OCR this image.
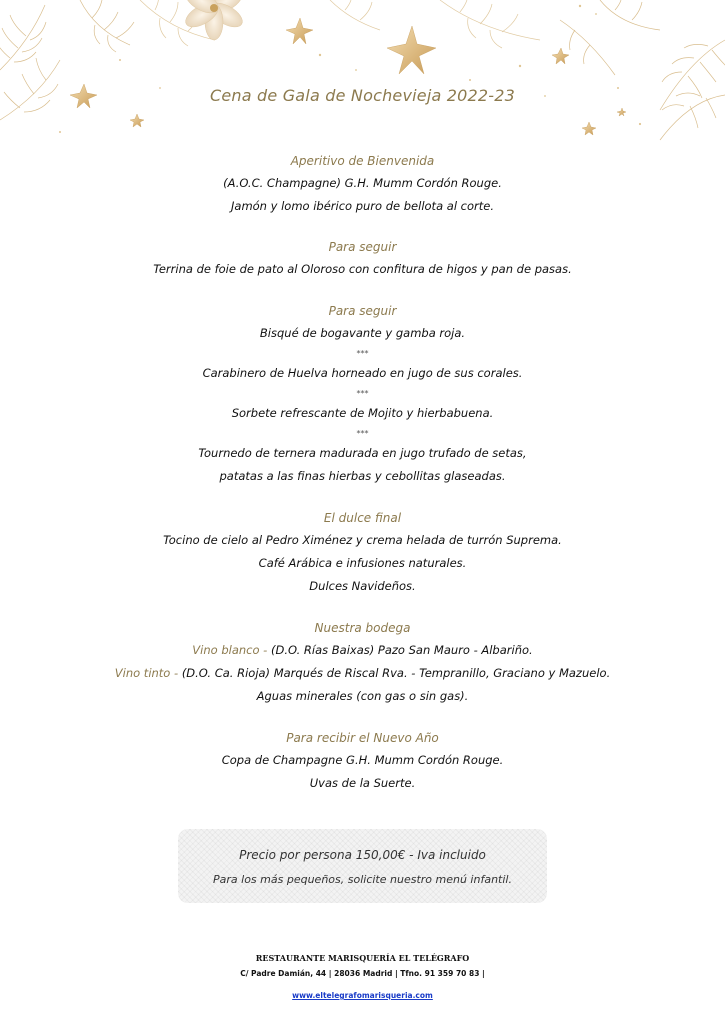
Cena de Gala de Nochevieja 2022-23
Aperitivo de Bienvenida
(A.O.C. Champagne) G.H. Mumm Cordón Rouge.
Jamón y lomo ibérico puro de bellota al corte.
Para seguir
Terrina de foie de pato al Oloroso con confitura de higos y pan de pasas.
Para seguir
Bisqué de bogavante y gamba roja.
***
Carabinero de Huelva horneado en jugo de sus corales.
***
Sorbete refrescante de Mojito y hierbabuena.
***
Tournedo de ternera madurada en jugo trufado de setas,
patatas a las finas hierbas y cebollitas glaseadas.
El dulce final
Tocino de cielo al Pedro Ximénez y crema helada de turrón Suprema.
Café Arábica e infusiones naturales.
Dulces Navideños.
Nuestra bodega
Vino blanco - (D.O. Rías Baixas) Pazo San Mauro - Albariño.
Vino tinto - (D.O. Ca. Rioja) Marqués de Riscal Rva. - Tempranillo, Graciano y Mazuelo.
Aguas minerales (con gas o sin gas).
Para recibir el Nuevo Año
Copa de Champagne G.H. Mumm Cordón Rouge.
Uvas de la Suerte.
Precio por persona 150,00€ - Iva incluido
Para los más pequeños, solicite nuestro menú infantil.
RESTAURANTE MARISQUERÍA EL TELÉGRAFO
C/ Padre Damián, 44 | 28036 Madrid | Tfno. 91 359 70 83 |
www.eltelegrafomarisqueria.com
